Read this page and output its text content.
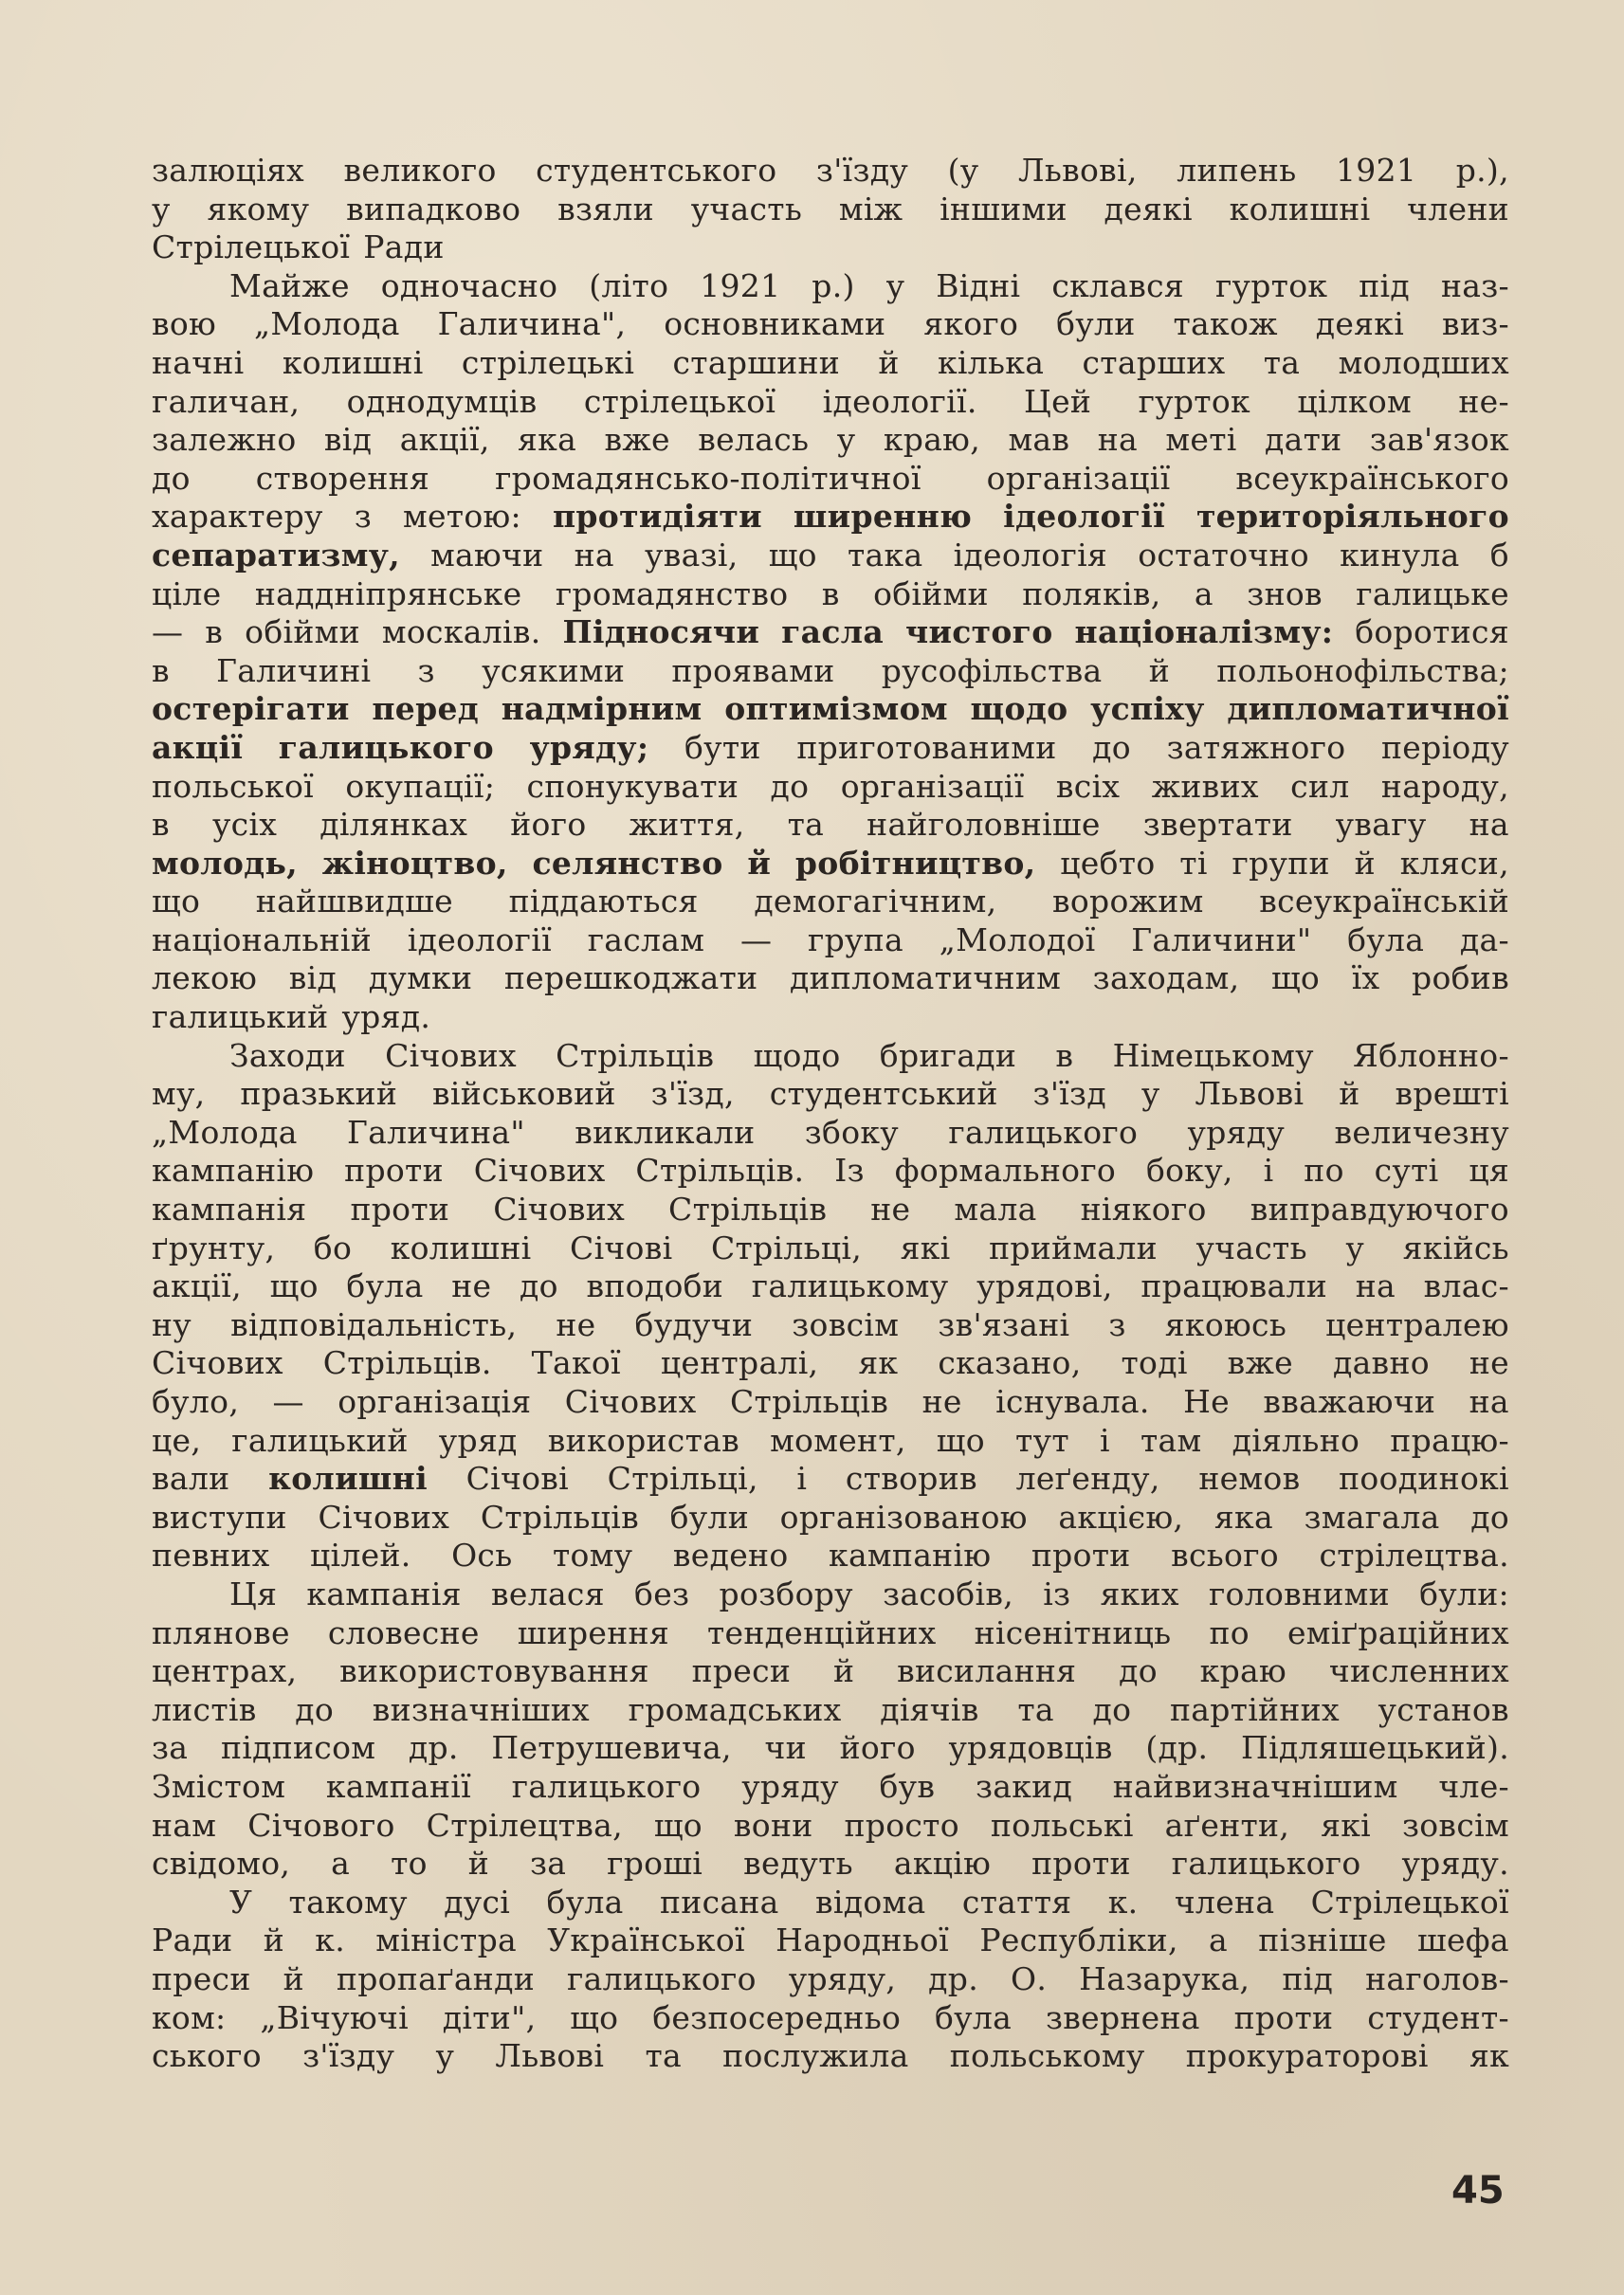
залюціях великого студентського з'їзду (у Львові, липень 1921 р.),
у якому випадково взяли участь між іншими деякі колишні члени
Стрілецької Ради
Майже одночасно (літо 1921 р.) у Відні склався гурток під наз-
вою „Молода Галичина", основниками якого були також деякі виз-
начні колишні стрілецькі старшини й кілька старших та молодших
галичан, однодумців стрілецької ідеології. Цей гурток цілком не-
залежно від акції, яка вже велась у краю, мав на меті дати зав'язок
до створення громадянсько-політичної організації всеукраїнського
характеру з метою: протидіяти ширенню ідеології територіяльного
сепаратизму, маючи на увазі, що така ідеологія остаточно кинула б
ціле наддніпрянське громадянство в обійми поляків, а знов галицьке
— в обійми москалів. Підносячи гасла чистого націоналізму: боротися
в Галичині з усякими проявами русофільства й польонофільства;
остерігати перед надмірним оптимізмом щодо успіху дипломатичної
акції галицького уряду; бути приготованими до затяжного періоду
польської окупації; спонукувати до організації всіх живих сил народу,
в усіх ділянках його життя, та найголовніше звертати увагу на
молодь, жіноцтво, селянство й робітництво, цебто ті групи й кляси,
що найшвидше піддаються демогагічним, ворожим всеукраїнській
національній ідеології гаслам — група „Молодої Галичини" була да-
лекою від думки перешкоджати дипломатичним заходам, що їх робив
галицький уряд.
Заходи Січових Стрільців щодо бригади в Німецькому Яблонно-
му, празький військовий з'їзд, студентський з'їзд у Львові й врешті
„Молода Галичина" викликали збоку галицького уряду величезну
кампанію проти Січових Стрільців. Із формального боку, і по суті ця
кампанія проти Січових Стрільців не мала ніякого виправдуючого
ґрунту, бо колишні Січові Стрільці, які приймали участь у якійсь
акції, що була не до вподоби галицькому урядові, працювали на влас-
ну відповідальність, не будучи зовсім зв'язані з якоюсь централею
Січових Стрільців. Такої централі, як сказано, тоді вже давно не
було, — організація Січових Стрільців не існувала. Не вважаючи на
це, галицький уряд використав момент, що тут і там діяльно працю-
вали колишні Січові Стрільці, і створив леґенду, немов поодинокі
виступи Січових Стрільців були організованою акцією, яка змагала до
певних цілей. Ось тому ведено кампанію проти всього стрілецтва.
Ця кампанія велася без розбору засобів, із яких головними були:
плянове словесне ширення тенденційних нісенітниць по еміґраційних
центрах, використовування преси й висилання до краю численних
листів до визначніших громадських діячів та до партійних установ
за підписом др. Петрушевича, чи його урядовців (др. Підляшецький).
Змістом кампанії галицького уряду був закид найвизначнішим чле-
нам Січового Стрілецтва, що вони просто польські аґенти, які зовсім
свідомо, а то й за гроші ведуть акцію проти галицького уряду.
У такому дусі була писана відома стаття к. члена Стрілецької
Ради й к. міністра Української Народньої Республіки, а пізніше шефа
преси й пропаґанди галицького уряду, др. О. Назарука, під наголов-
ком: „Вічуючі діти", що безпосередньо була звернена проти студент-
ського з'їзду у Львові та послужила польському прокураторові як
45
